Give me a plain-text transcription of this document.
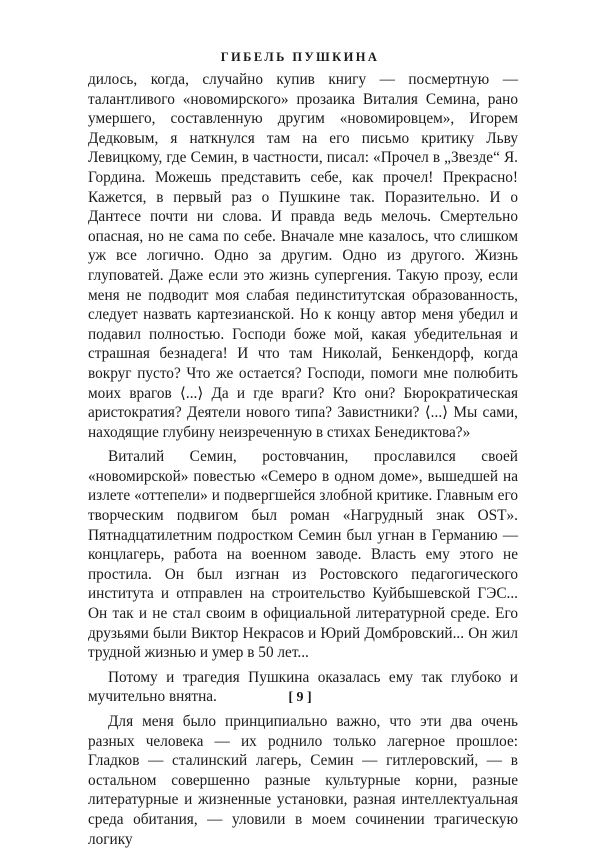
ГИБЕЛЬ ПУШКИНА

дилось, когда, случайно купив книгу — посмертную — талантливого «новомирского» прозаика Виталия Семина, рано умершего, составленную другим «новомировцем», Игорем Дедковым, я наткнулся там на его письмо критику Льву Левицкому, где Семин, в частности, писал: «Прочел в „Звезде“ Я. Гордина. Можешь представить себе, как прочел! Прекрасно! Кажется, в первый раз о Пушкине так. Поразительно. И о Дантесе почти ни слова. И правда ведь мелочь. Смертельно опасная, но не сама по себе. Вначале мне казалось, что слишком уж все логично. Одно за другим. Одно из другого. Жизнь глуповатей. Даже если это жизнь супергения. Такую прозу, если меня не подводит моя слабая пединститутская образованность, следует назвать картезианской. Но к концу автор меня убедил и подавил полностью. Господи боже мой, какая убедительная и страшная безнадега! И что там Николай, Бенкендорф, когда вокруг пусто? Что же остается? Господи, помоги мне полюбить моих врагов ⟨...⟩ Да и где враги? Кто они? Бюрократическая аристократия? Деятели нового типа? Завистники? ⟨...⟩ Мы сами, находящие глубину неизреченную в стихах Бенедиктова?»

Виталий Семин, ростовчанин, прославился своей «новомирской» повестью «Семеро в одном доме», вышедшей на излете «оттепели» и подвергшейся злобной критике. Главным его творческим подвигом был роман «Нагрудный знак OST». Пятнадцатилетним подростком Семин был угнан в Германию — концлагерь, работа на военном заводе. Власть ему этого не простила. Он был изгнан из Ростовского педагогического института и отправлен на строительство Куйбышевской ГЭС... Он так и не стал своим в официальной литературной среде. Его друзьями были Виктор Некрасов и Юрий Домбровский... Он жил трудной жизнью и умер в 50 лет...

Потому и трагедия Пушкина оказалась ему так глубоко и мучительно внятна.

Для меня было принципиально важно, что эти два очень разных человека — их роднило только лагерное прошлое: Гладков — сталинский лагерь, Семин — гитлеровский, — в остальном совершенно разные культурные корни, разные литературные и жизненные установки, разная интеллектуальная среда обитания, — уловили в моем сочинении трагическую логику

[ 9 ]
